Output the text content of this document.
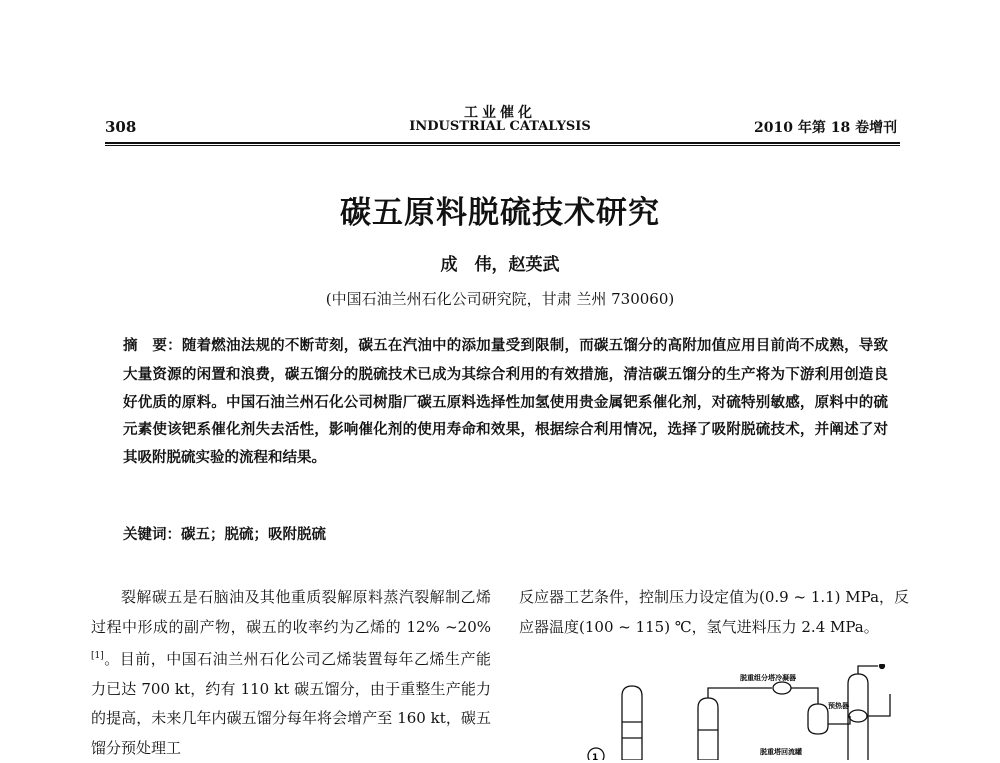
308
工业催化
INDUSTRIAL CATALYSIS	2010 年第 18 卷增刊
碳五原料脱硫技术研究
成　伟，赵英武
(中国石油兰州石化公司研究院，甘肃 兰州 730060)
摘　要：随着燃油法规的不断苛刻，碳五在汽油中的添加量受到限制，而碳五馏分的高附加值应用目前尚不成熟，导致大量资源的闲置和浪费，碳五馏分的脱硫技术已成为其综合利用的有效措施，清洁碳五馏分的生产将为下游利用创造良好优质的原料。中国石油兰州石化公司树脂厂碳五原料选择性加氢使用贵金属钯系催化剂，对硫特别敏感，原料中的硫元素使该钯系催化剂失去活性，影响催化剂的使用寿命和效果，根据综合利用情况，选择了吸附脱硫技术，并阐述了对其吸附脱硫实验的流程和结果。
关键词：碳五；脱硫；吸附脱硫
裂解碳五是石脑油及其他重质裂解原料蒸汽裂解制乙烯过程中形成的副产物，碳五的收率约为乙烯的 12% ~20%[1]。目前，中国石油兰州石化公司乙烯装置每年乙烯生产能力已达 700 kt，约有 110 kt 碳五馏分，由于重整生产能力的提高，未来几年内碳五馏分每年将会增产至 160 kt，碳五馏分预处理工
反应器工艺条件，控制压力设定值为(0.9 ~ 1.1) MPa，反应器温度(100 ~ 115) ℃，氢气进料压力 2.4 MPa。
脱重组分塔冷凝器
预热器
脱重塔回流罐
1
